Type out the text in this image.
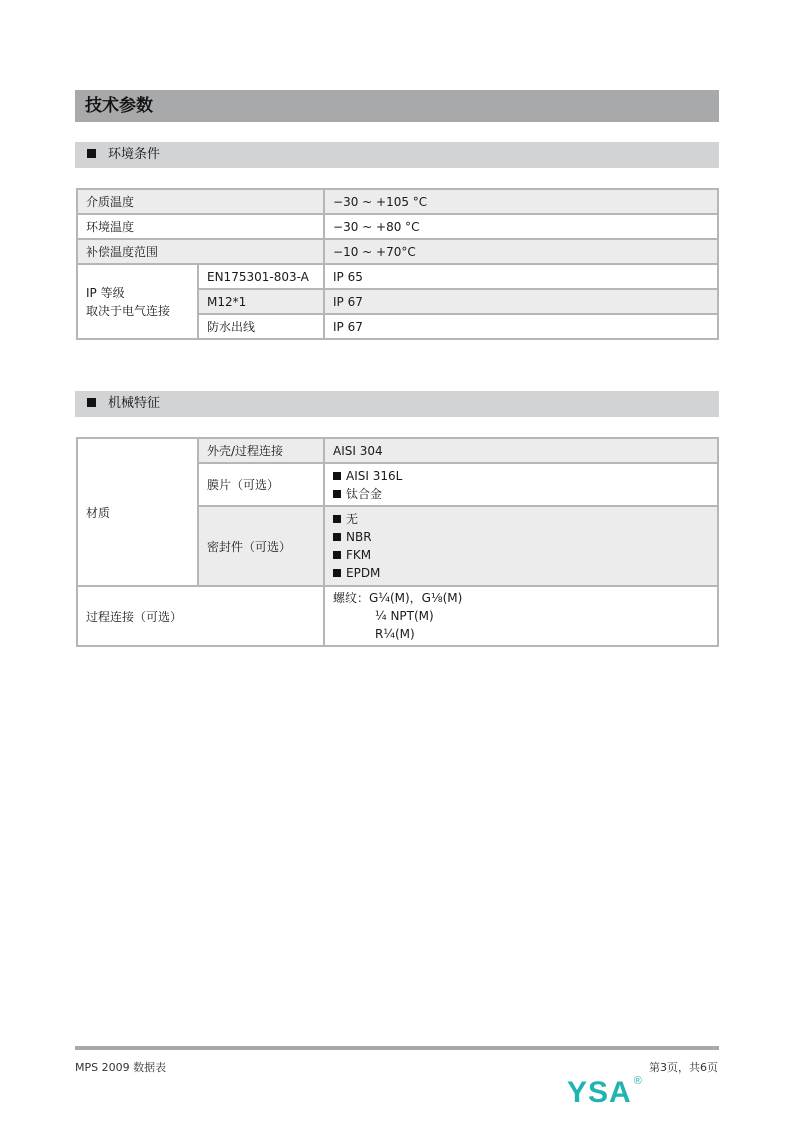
技术参数
环境条件
介质温度		−30 ~ +105 °C
环境温度		−30 ~ +80 °C
补偿温度范围		−10 ~ +70°C

IP 等级
取决于电气连接	EN175301-803-A	IP 65
	M12*1	IP 67
	防水出线	IP 67
机械特征
材质	外壳/过程连接	AISI 304
	膜片（可选）	AISI 316L
钛合金

	密封件（可选）	无
NBR
FKM
EPDM

过程连接（可选）		螺纹：G¼(M)，G⅛(M)
¼ NPT(M)
R¼(M)
MPS 2009 数据表	第3页，共6页
YSA ®
